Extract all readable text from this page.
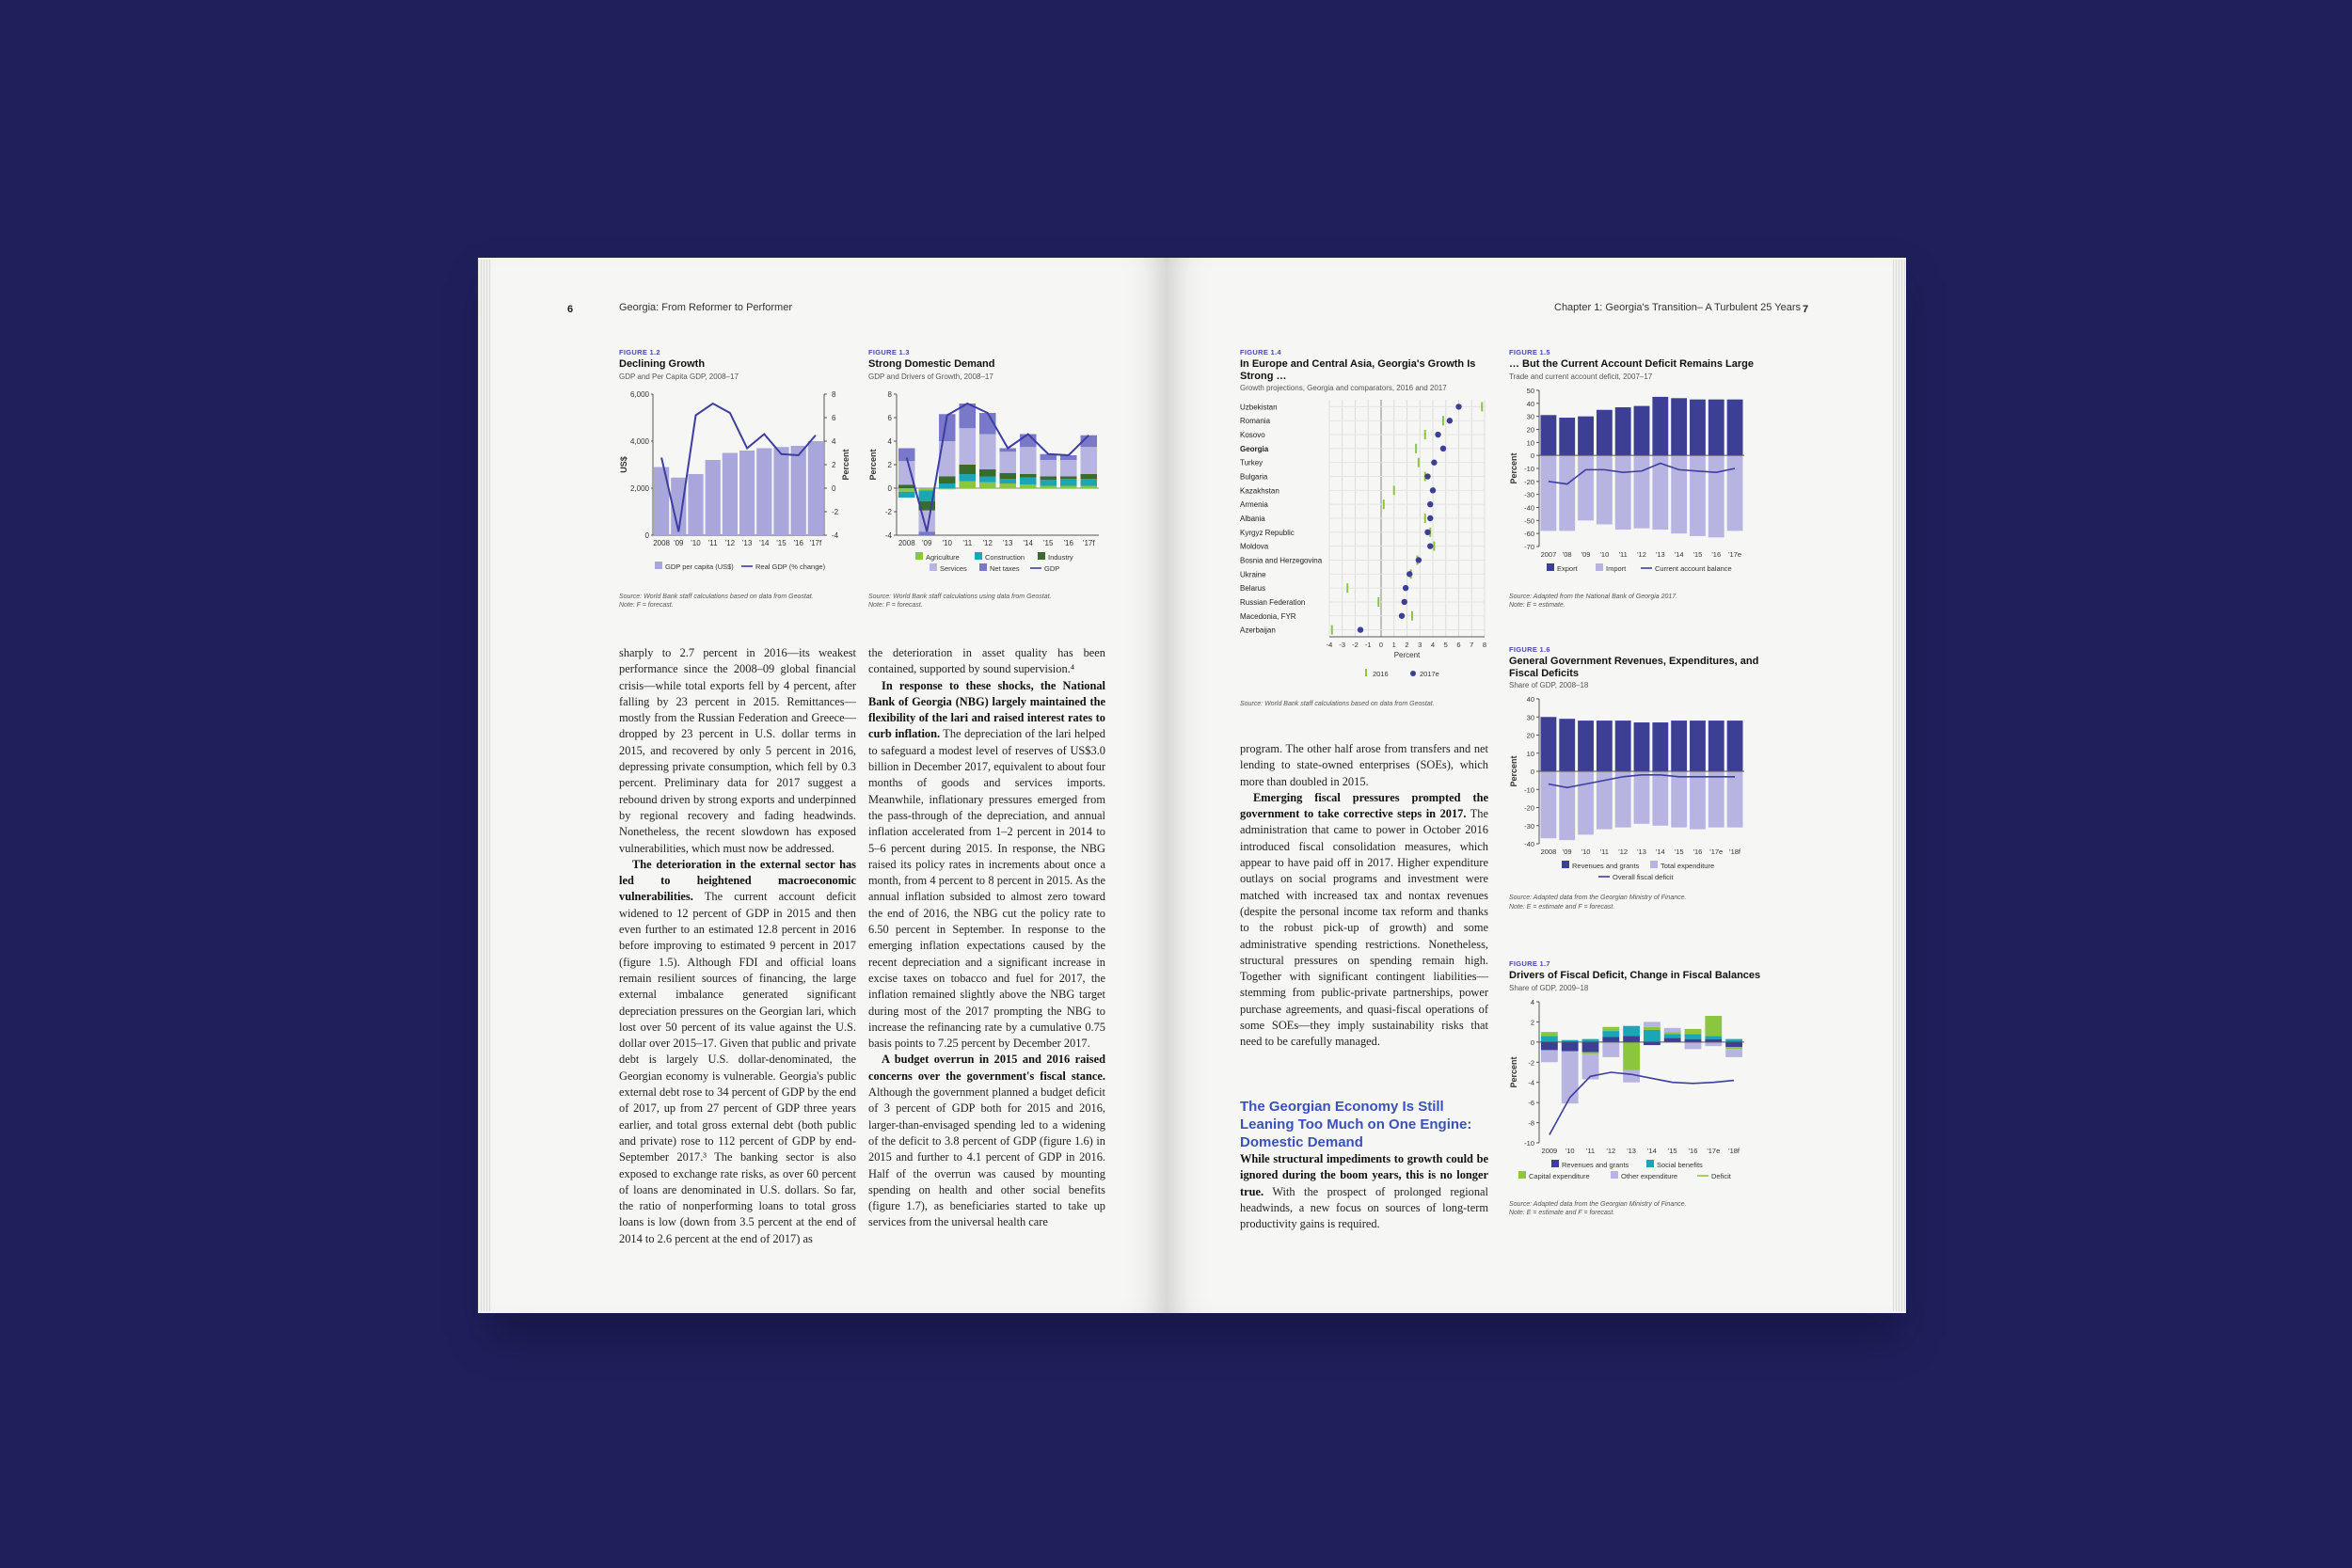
6	Georgia: From Reformer to Performer
FIGURE 1.2
Declining Growth
GDP and Per Capita GDP, 2008–17
0
2,000
4,000
6,000
-4
-2
0
2
4
6
8
US$	Percent
2008 '09 '10 '11 '12 '13 '14 '15 '16 '17f
GDP per capita (US$)	Real GDP (% change)
Source: World Bank staff calculations based on data from Geostat.
Note: F = forecast.
FIGURE 1.3
Strong Domestic Demand
GDP and Drivers of Growth, 2008–17
-4
-2
0
2
4
6
8
Percent
2008 '09 '10 '11 '12 '13 '14 '15 '16 '17f
Agriculture	Construction	Industry
Services	Net taxes	GDP
Source: World Bank staff calculations using data from Geostat.
Note: F = forecast.

sharply to 2.7 percent in 2016—its weakest performance since the 2008–09 global financial crisis—while total exports fell by 4 percent, after falling by 23 percent in 2015. Remittances—mostly from the Russian Federation and Greece—dropped by 23 percent in U.S. dollar terms in 2015, and recovered by only 5 percent in 2016, depressing private consumption, which fell by 0.3 percent. Preliminary data for 2017 suggest a rebound driven by strong exports and underpinned by regional recovery and fading headwinds. Nonetheless, the recent slowdown has exposed vulnerabilities, which must now be addressed.

The deterioration in the external sector has led to heightened macroeconomic vulnerabilities. The current account deficit widened to 12 percent of GDP in 2015 and then even further to an estimated 12.8 percent in 2016 before improving to estimated 9 percent in 2017 (figure 1.5). Although FDI and official loans remain resilient sources of financing, the large external imbalance generated significant depreciation pressures on the Georgian lari, which lost over 50 percent of its value against the U.S. dollar over 2015–17. Given that public and private debt is largely U.S. dollar-denominated, the Georgian economy is vulnerable. Georgia's public external debt rose to 34 percent of GDP by the end of 2017, up from 27 percent of GDP three years earlier, and total gross external debt (both public and private) rose to 112 percent of GDP by end-September 2017.³ The banking sector is also exposed to exchange rate risks, as over 60 percent of loans are denominated in U.S. dollars. So far, the ratio of nonperforming loans to total gross loans is low (down from 3.5 percent at the end of 2014 to 2.6 percent at the end of 2017) as

the deterioration in asset quality has been contained, supported by sound supervision.⁴

In response to these shocks, the National Bank of Georgia (NBG) largely maintained the flexibility of the lari and raised interest rates to curb inflation. The depreciation of the lari helped to safeguard a modest level of reserves of US$3.0 billion in December 2017, equivalent to about four months of goods and services imports. Meanwhile, inflationary pressures emerged from the pass-through of the depreciation, and annual inflation accelerated from 1–2 percent in 2014 to 5–6 percent during 2015. In response, the NBG raised its policy rates in increments about once a month, from 4 percent to 8 percent in 2015. As the annual inflation subsided to almost zero toward the end of 2016, the NBG cut the policy rate to 6.50 percent in September. In response to the emerging inflation expectations caused by the recent depreciation and a significant increase in excise taxes on tobacco and fuel for 2017, the inflation remained slightly above the NBG target during most of the 2017 prompting the NBG to increase the refinancing rate by a cumulative 0.75 basis points to 7.25 percent by December 2017.

A budget overrun in 2015 and 2016 raised concerns over the government's fiscal stance. Although the government planned a budget deficit of 3 percent of GDP both for 2015 and 2016, larger-than-envisaged spending led to a widening of the deficit to 3.8 percent of GDP (figure 1.6) in 2015 and further to 4.1 percent of GDP in 2016. Half of the overrun was caused by mounting spending on health and other social benefits (figure 1.7), as beneficiaries started to take up services from the universal health care

Chapter 1: Georgia's Transition– A Turbulent 25 Years 7
FIGURE 1.4
In Europe and Central Asia, Georgia's Growth Is Strong …
Growth projections, Georgia and comparators, 2016 and 2017
-4 -3 -2 -1 0 1 2 3 4 5 6 7 8
Percent
Uzbekistan
Romania
Kosovo
Georgia
Turkey
Bulgaria
Kazakhstan
Armenia
Albania
Kyrgyz Republic
Moldova
Bosnia and Herzegovina
Ukraine
Belarus
Russian Federation
Macedonia, FYR
Azerbaijan
2016	2017e
Source: World Bank staff calculations based on data from Geostat.
FIGURE 1.5
… But the Current Account Deficit Remains Large
Trade and current account deficit, 2007–17
50
40
30
20
10
0
-10
-20
-30
-40
-50
-60
-70
Percent
2007 '08 '09 '10 '11 '12 '13 '14 '15 '16 '17e
Export	Import	Current account balance
Source: Adapted from the National Bank of Georgia 2017.
Note: E = estimate.
FIGURE 1.6
General Government Revenues, Expenditures, and Fiscal Deficits
Share of GDP, 2008–18
40
30
20
10
0
-10
-20
-30
-40
Percent
2008 '09 '10 '11 '12 '13 '14 '15 '16 '17e '18f
Revenues and grants	Total expenditure
Overall fiscal deficit
Source: Adapted data from the Georgian Ministry of Finance.
Note: E = estimate and F = forecast.
FIGURE 1.7
Drivers of Fiscal Deficit, Change in Fiscal Balances
Share of GDP, 2009–18
4
2
0
-2
-4
-6
-8
-10
Percent
2009 '10 '11 '12 '13 '14 '15 '16 '17e '18f
Revenues and grants	Social benefits
Capital expenditure	Other expenditure	Deficit
Source: Adapted data from the Georgian Ministry of Finance.
Note: E = estimate and F = forecast.

program. The other half arose from transfers and net lending to state-owned enterprises (SOEs), which more than doubled in 2015.

Emerging fiscal pressures prompted the government to take corrective steps in 2017. The administration that came to power in October 2016 introduced fiscal consolidation measures, which appear to have paid off in 2017. Higher expenditure outlays on social programs and investment were matched with increased tax and nontax revenues (despite the personal income tax reform and thanks to the robust pick-up of growth) and some administrative spending restrictions. Nonetheless, structural pressures on spending remain high. Together with significant contingent liabilities—stemming from public-private partnerships, power purchase agreements, and quasi-fiscal operations of some SOEs—they imply sustainability risks that need to be carefully managed.

The Georgian Economy Is Still Leaning Too Much on One Engine: Domestic Demand

While structural impediments to growth could be ignored during the boom years, this is no longer true. With the prospect of prolonged regional headwinds, a new focus on sources of long-term productivity gains is required.
